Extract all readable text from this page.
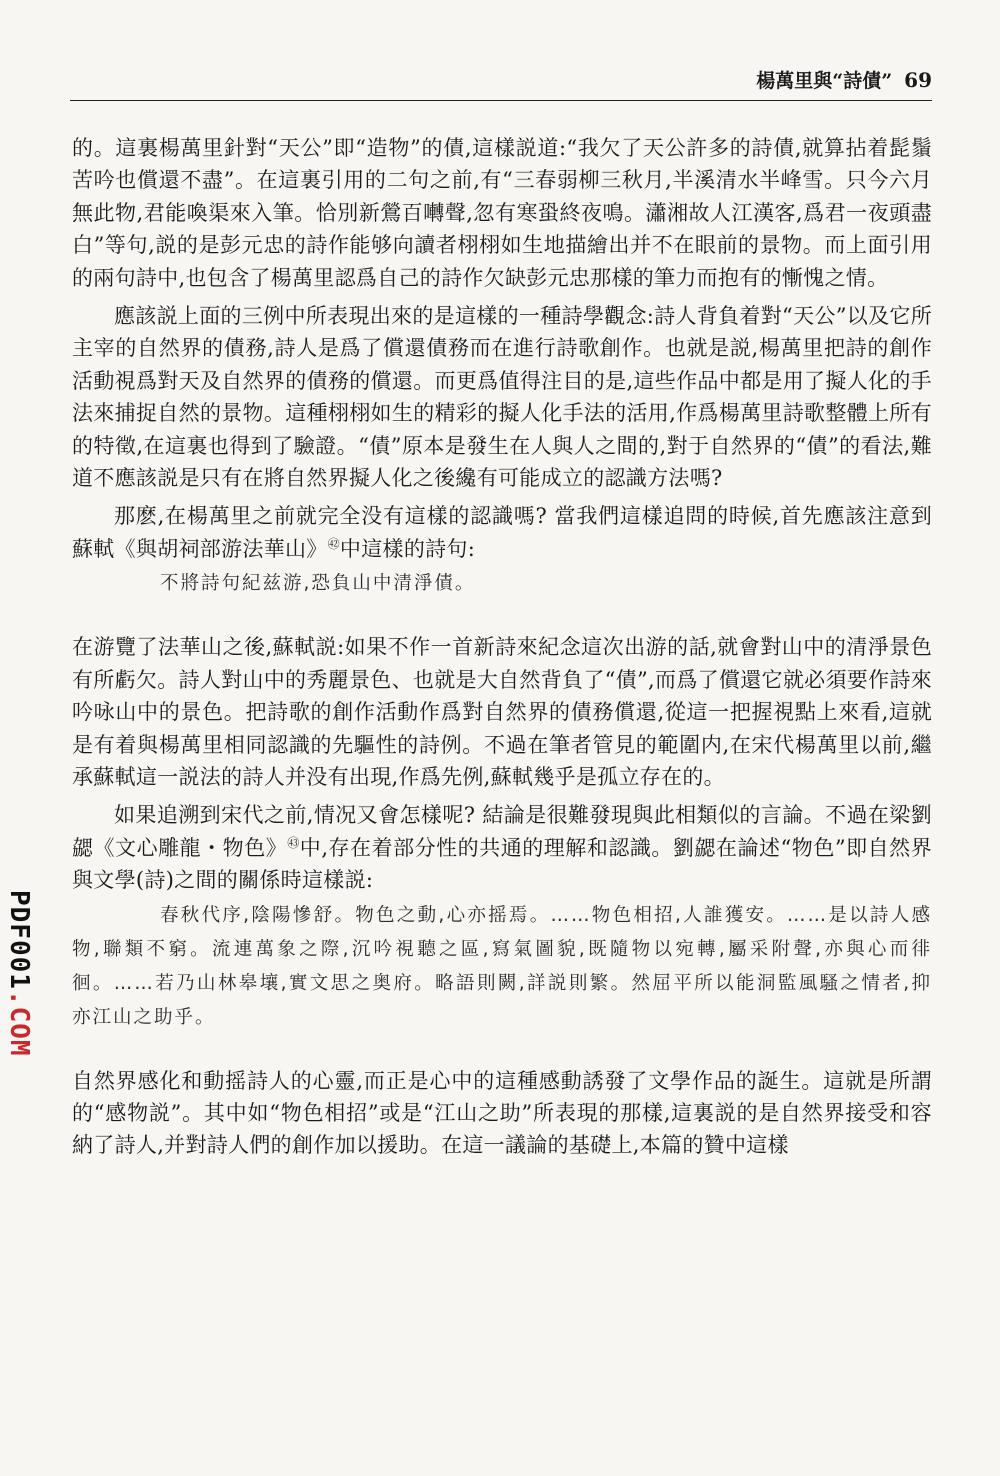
楊萬里與“詩債” 69
PDF001.COM

的。這裏楊萬里針對“天公”即“造物”的債,這樣説道:“我欠了天公許多的詩債,就算拈着髭鬚苦吟也償還不盡”。在這裏引用的二句之前,有“三春弱柳三秋月,半溪清水半峰雪。只今六月無此物,君能喚渠來入筆。恰別新鶯百囀聲,忽有寒蛩終夜鳴。瀟湘故人江漢客,爲君一夜頭盡白”等句,説的是彭元忠的詩作能够向讀者栩栩如生地描繪出并不在眼前的景物。而上面引用的兩句詩中,也包含了楊萬里認爲自己的詩作欠缺彭元忠那樣的筆力而抱有的慚愧之情。

應該説上面的三例中所表現出來的是這樣的一種詩學觀念:詩人背負着對“天公”以及它所主宰的自然界的債務,詩人是爲了償還債務而在進行詩歌創作。也就是説,楊萬里把詩的創作活動視爲對天及自然界的債務的償還。而更爲值得注目的是,這些作品中都是用了擬人化的手法來捕捉自然的景物。這種栩栩如生的精彩的擬人化手法的活用,作爲楊萬里詩歌整體上所有的特徵,在這裏也得到了驗證。“債”原本是發生在人與人之間的,對于自然界的“債”的看法,難道不應該説是只有在將自然界擬人化之後纔有可能成立的認識方法嗎?

那麽,在楊萬里之前就完全没有這樣的認識嗎? 當我們這樣追問的時候,首先應該注意到蘇軾《與胡祠部游法華山》$^㊷$中這樣的詩句:

不將詩句紀兹游,恐負山中清淨債。

在游覽了法華山之後,蘇軾説:如果不作一首新詩來紀念這次出游的話,就會對山中的清淨景色有所虧欠。詩人對山中的秀麗景色、也就是大自然背負了“債”,而爲了償還它就必須要作詩來吟咏山中的景色。把詩歌的創作活動作爲對自然界的債務償還,從這一把握視點上來看,這就是有着與楊萬里相同認識的先驅性的詩例。不過在筆者管見的範圍内,在宋代楊萬里以前,繼承蘇軾這一説法的詩人并没有出現,作爲先例,蘇軾幾乎是孤立存在的。

如果追溯到宋代之前,情况又會怎樣呢? 結論是很難發現與此相類似的言論。不過在梁劉勰《文心雕龍・物色》$^㊸$中,存在着部分性的共通的理解和認識。劉勰在論述“物色”即自然界與文學(詩)之間的關係時這樣説:

春秋代序,陰陽慘舒。物色之動,心亦摇焉。……物色相招,人誰獲安。……是以詩人感物,聯類不窮。流連萬象之際,沉吟視聽之區,寫氣圖貌,既隨物以宛轉,屬采附聲,亦與心而徘徊。……若乃山林皋壤,實文思之奥府。略語則闕,詳説則繁。然屈平所以能洞監風騷之情者,抑亦江山之助乎。

自然界感化和動摇詩人的心靈,而正是心中的這種感動誘發了文學作品的誕生。這就是所謂的“感物説”。其中如“物色相招”或是“江山之助”所表現的那樣,這裏説的是自然界接受和容納了詩人,并對詩人們的創作加以援助。在這一議論的基礎上,本篇的贊中這樣
